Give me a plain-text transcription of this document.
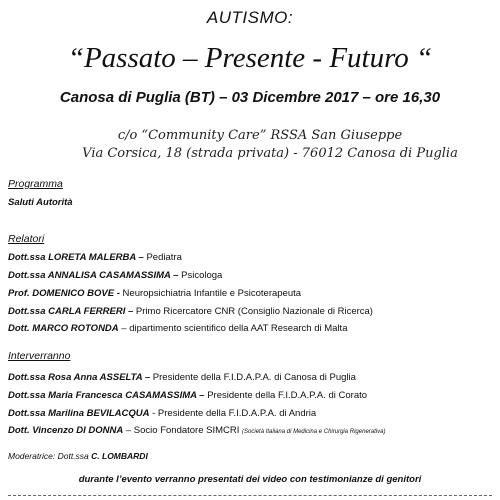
AUTISMO:
“Passato – Presente - Futuro “
Canosa di Puglia (BT) – 03 Dicembre 2017 – ore 16,30
c/o “Community Care” RSSA San Giuseppe
Via Corsica, 18 (strada privata) - 76012 Canosa di Puglia
Programma
Saluti Autorità
Relatori
Dott.ssa LORETA MALERBA – Pediatra
Dott.ssa ANNALISA CASAMASSIMA – Psicologa
Prof. DOMENICO BOVE - Neuropsichiatria Infantile e Psicoterapeuta
Dott.ssa CARLA FERRERI – Primo Ricercatore CNR (Consiglio Nazionale di Ricerca)
Dott. MARCO ROTONDA – dipartimento scientifico della AAT Research di Malta
Interverranno
Dott.ssa Rosa Anna ASSELTA – Presidente della F.I.D.A.P.A. di Canosa di Puglia
Dott.ssa Maria Francesca CASAMASSIMA – Presidente della F.I.D.A.P.A. di Corato
Dott.ssa Marilina BEVILACQUA - Presidente della F.I.D.A.P.A. di Andria
Dott. Vincenzo DI DONNA – Socio Fondatore SIMCRI (Società Italiana di Medicina e Chirurgia Rigenerativa)
Moderatrice: Dott.ssa C. LOMBARDI
durante l’evento verranno presentati dei video con testimonianze di genitori
